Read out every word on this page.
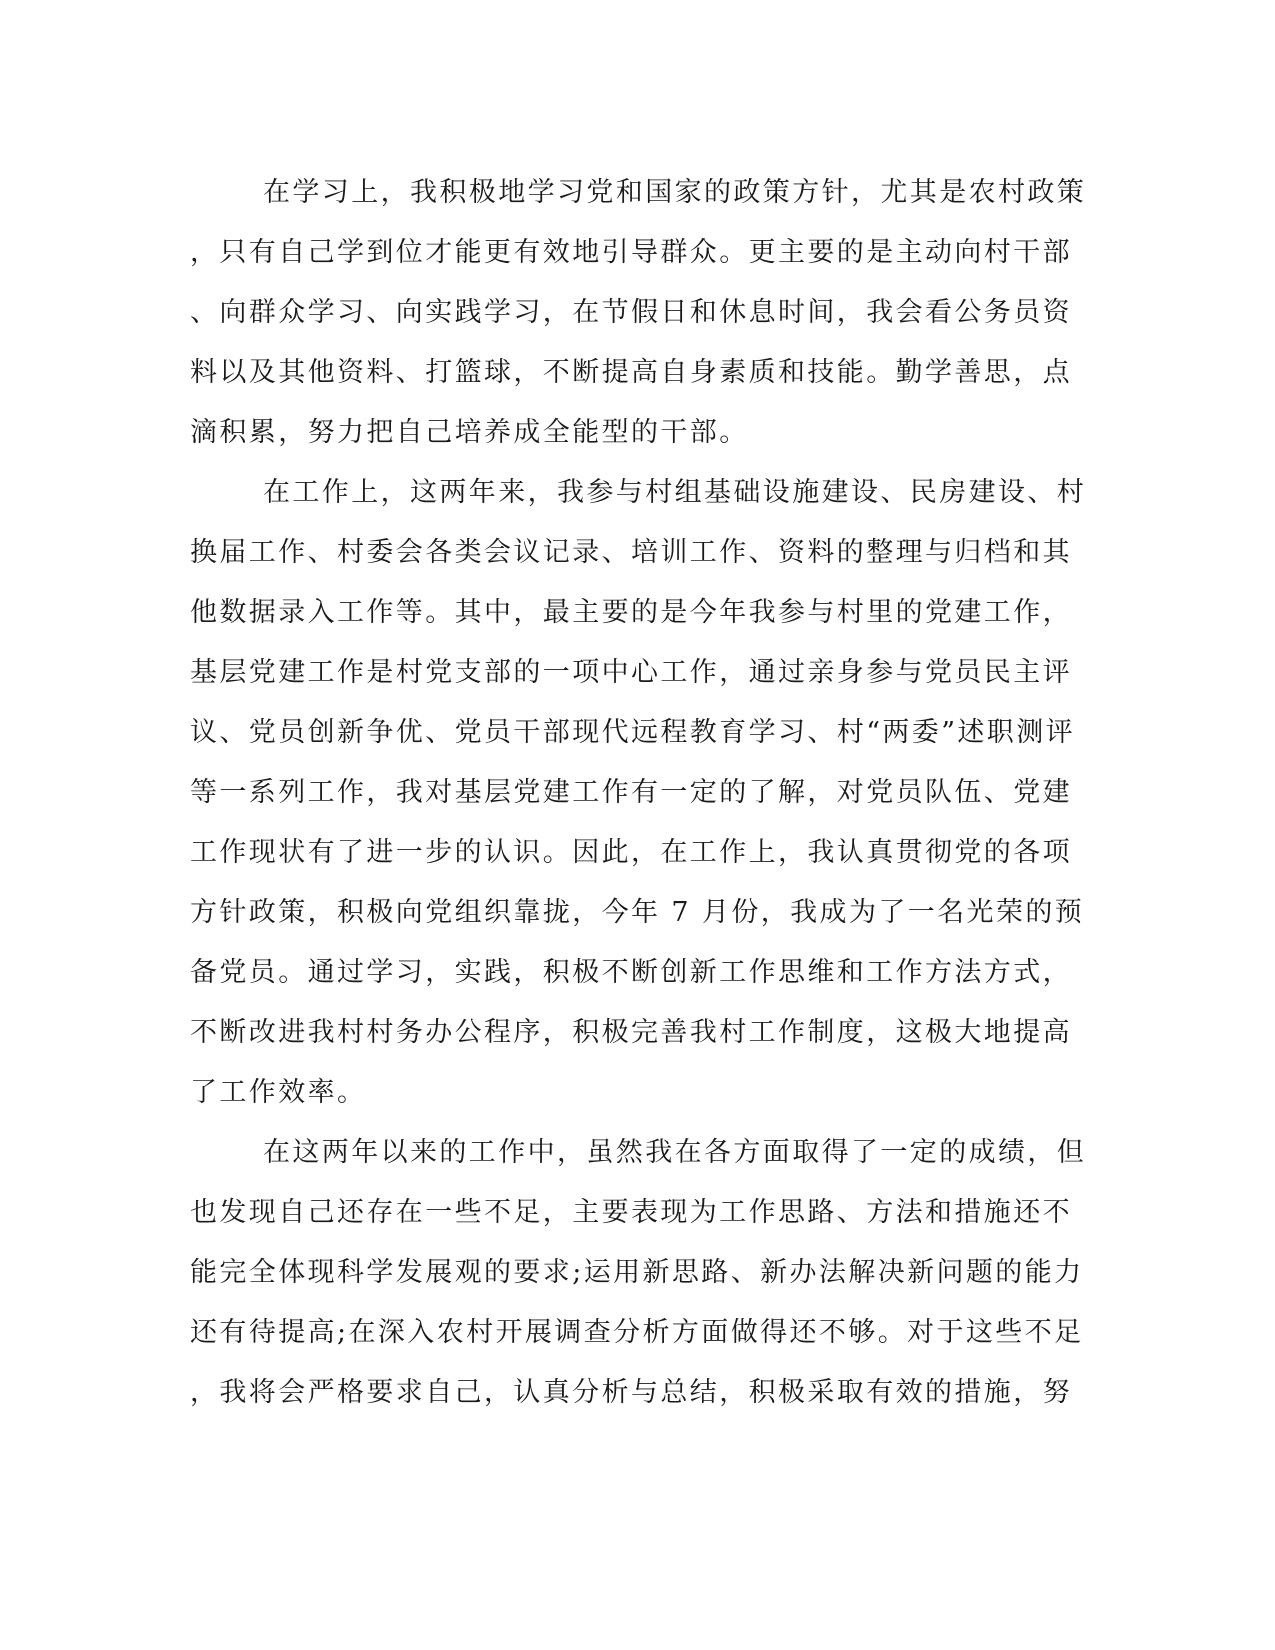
在学习上，我积极地学习党和国家的政策方针，尤其是农村政策
，只有自己学到位才能更有效地引导群众。更主要的是主动向村干部
、向群众学习、向实践学习，在节假日和休息时间，我会看公务员资
料以及其他资料、打篮球，不断提高自身素质和技能。勤学善思，点
滴积累，努力把自己培养成全能型的干部。
在工作上，这两年来，我参与村组基础设施建设、民房建设、村
换届工作、村委会各类会议记录、培训工作、资料的整理与归档和其
他数据录入工作等。其中，最主要的是今年我参与村里的党建工作，
基层党建工作是村党支部的一项中心工作，通过亲身参与党员民主评
议、党员创新争优、党员干部现代远程教育学习、村“两委”述职测评
等一系列工作，我对基层党建工作有一定的了解，对党员队伍、党建
工作现状有了进一步的认识。因此，在工作上，我认真贯彻党的各项
方针政策，积极向党组织靠拢，今年 7 月份，我成为了一名光荣的预
备党员。通过学习，实践，积极不断创新工作思维和工作方法方式，
不断改进我村村务办公程序，积极完善我村工作制度，这极大地提高
了工作效率。
在这两年以来的工作中，虽然我在各方面取得了一定的成绩，但
也发现自己还存在一些不足，主要表现为工作思路、方法和措施还不
能完全体现科学发展观的要求;运用新思路、新办法解决新问题的能力
还有待提高;在深入农村开展调查分析方面做得还不够。对于这些不足
，我将会严格要求自己，认真分析与总结，积极采取有效的措施，努
